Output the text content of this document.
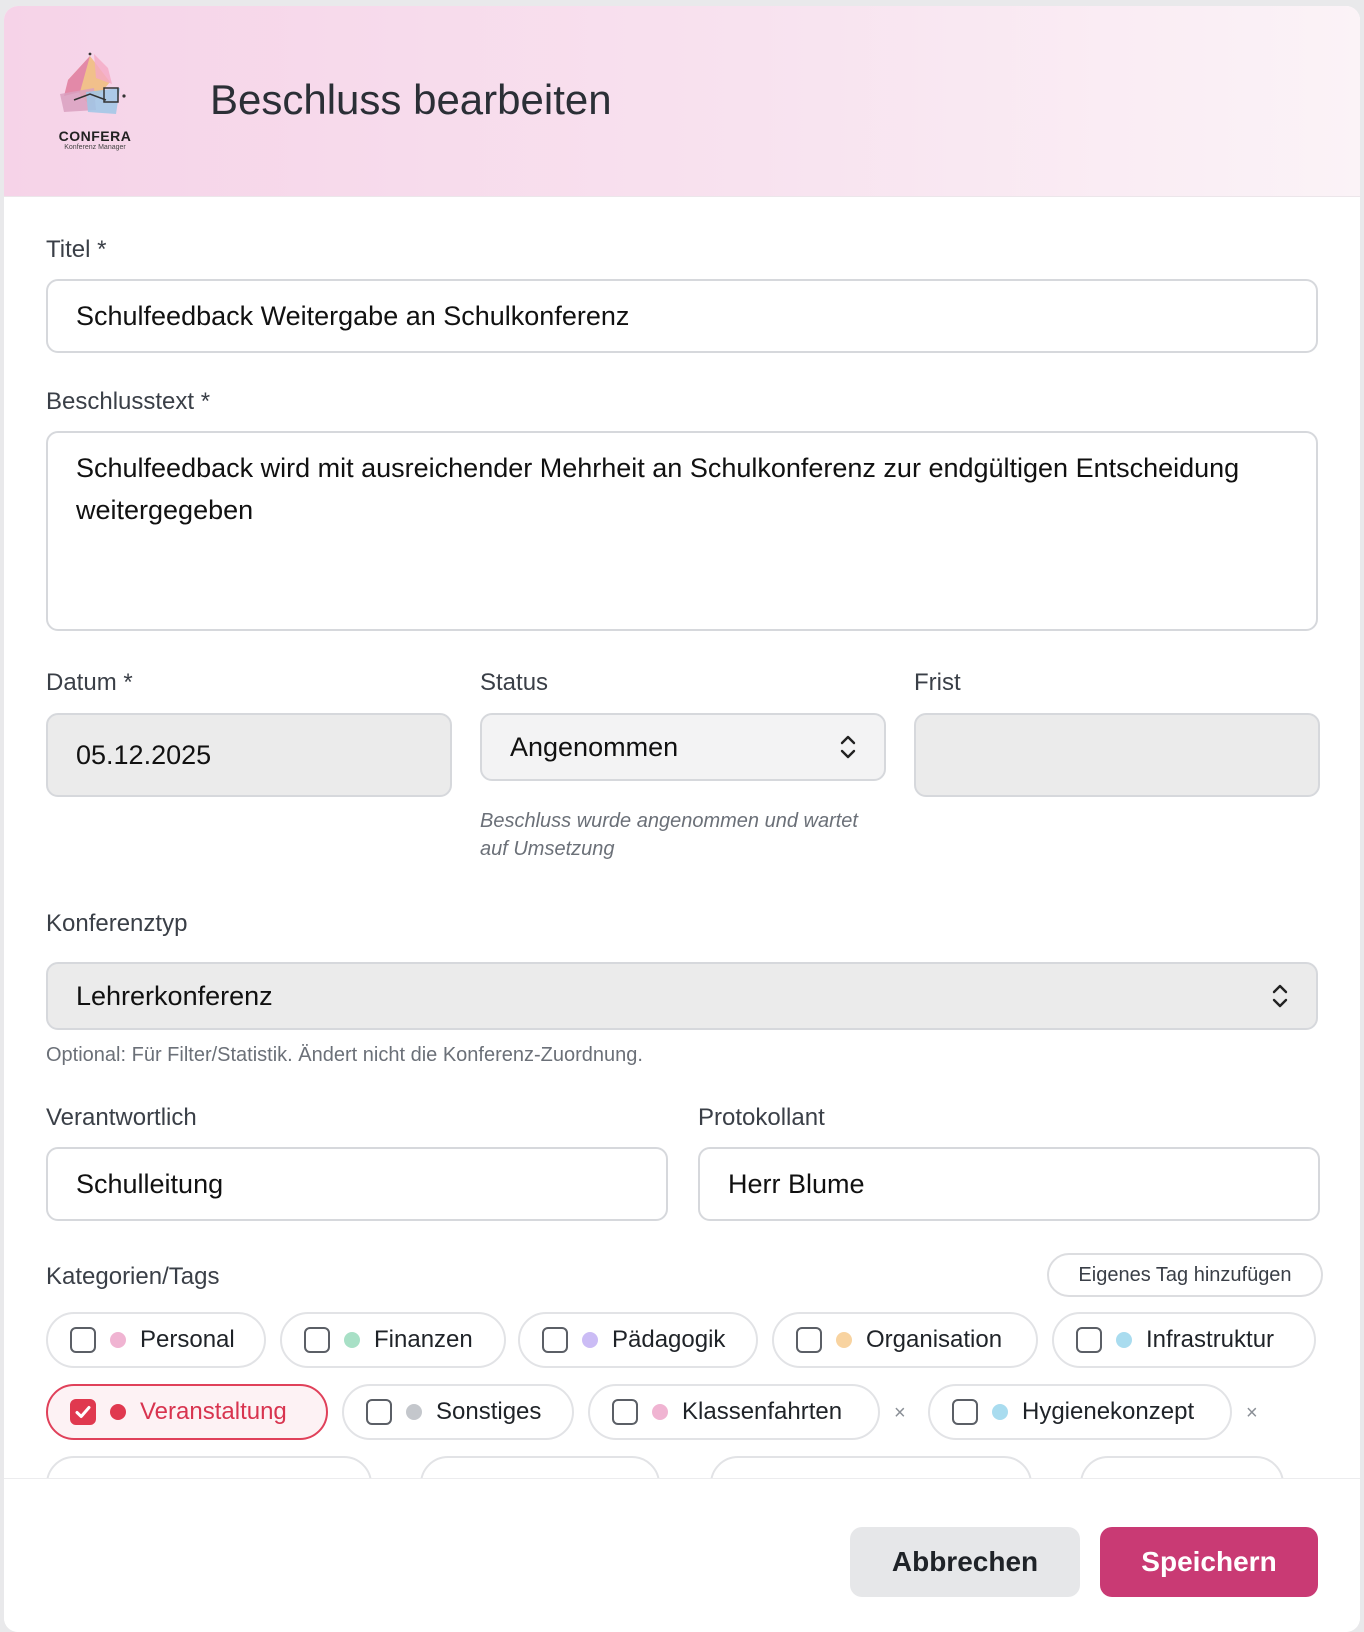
CONFERA
Konferenz Manager
Beschluss bearbeiten
Titel *
Schulfeedback Weitergabe an Schulkonferenz
Beschlusstext *
Schulfeedback wird mit ausreichender Mehrheit an Schulkonferenz zur endgültigen Entscheidung weitergegeben
Datum *
05.12.2025
Status
Angenommen
Beschluss wurde angenommen und wartet auf Umsetzung
Frist
Konferenztyp
Lehrerkonferenz
Optional: Für Filter/Statistik. Ändert nicht die Konferenz-Zuordnung.
Verantwortlich
Schulleitung
Protokollant
Herr Blume
Kategorien/Tags	Eigenes Tag hinzufügen
Personal	Finanzen	Pädagogik	Organisation	Infrastruktur
Veranstaltung	Sonstiges	Klassenfahrten	×	Hygienekonzept	×
Abbrechen	Speichern
